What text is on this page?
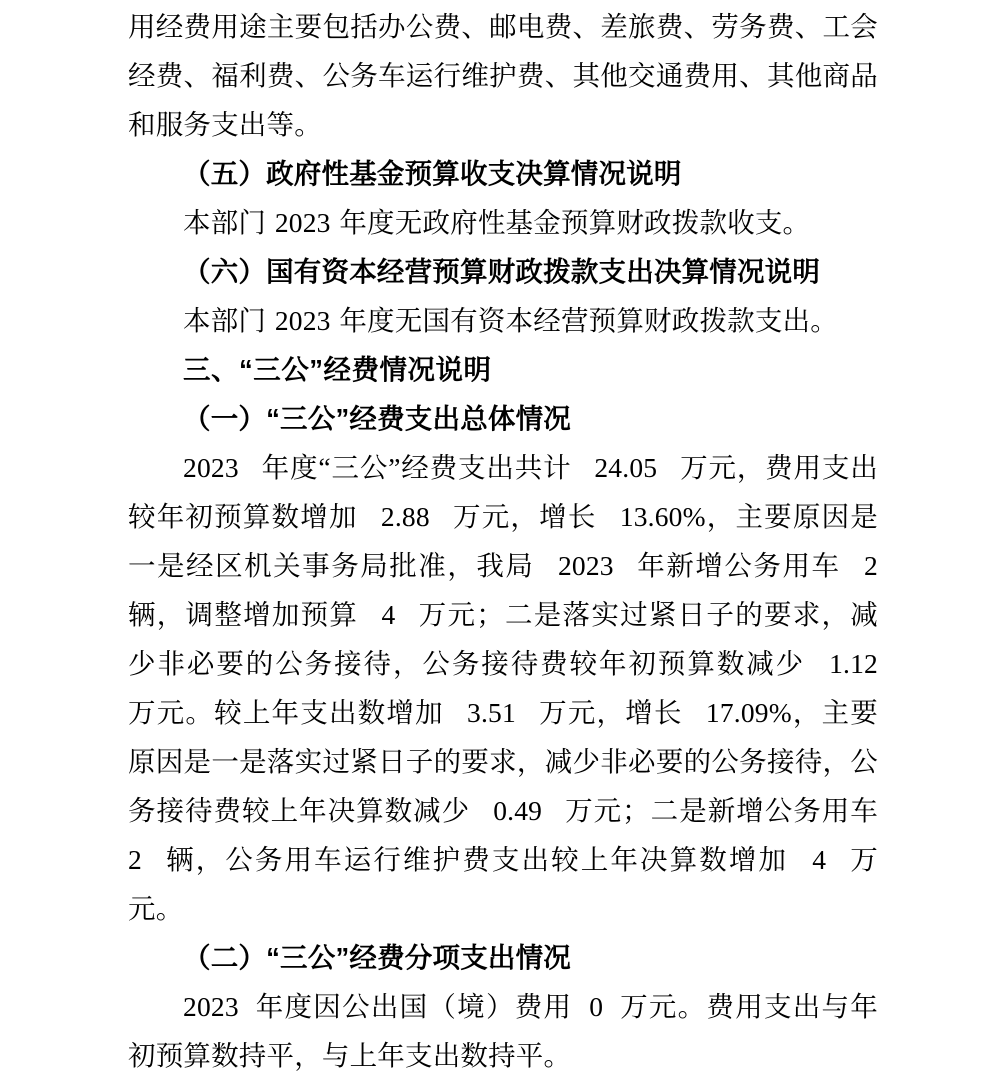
用经费用途主要包括办公费、邮电费、差旅费、劳务费、工会经费、福利费、公务车运行维护费、其他交通费用、其他商品和服务支出等。

（五）政府性基金预算收支决算情况说明

本部门 2023 年度无政府性基金预算财政拨款收支。

（六）国有资本经营预算财政拨款支出决算情况说明

本部门 2023 年度无国有资本经营预算财政拨款支出。

三、“三公”经费情况说明

（一）“三公”经费支出总体情况

2023 年度“三公”经费支出共计 24.05 万元，费用支出较年初预算数增加 2.88 万元，增长 13.60%，主要原因是一是经区机关事务局批准，我局 2023 年新增公务用车 2 辆，调整增加预算 4 万元；二是落实过紧日子的要求，减少非必要的公务接待，公务接待费较年初预算数减少 1.12 万元。较上年支出数增加 3.51 万元，增长 17.09%，主要原因是一是落实过紧日子的要求，减少非必要的公务接待，公务接待费较上年决算数减少 0.49 万元；二是新增公务用车 2 辆，公务用车运行维护费支出较上年决算数增加 4 万元。

（二）“三公”经费分项支出情况

2023 年度因公出国（境）费用 0 万元。费用支出与年初预算数持平，与上年支出数持平。
